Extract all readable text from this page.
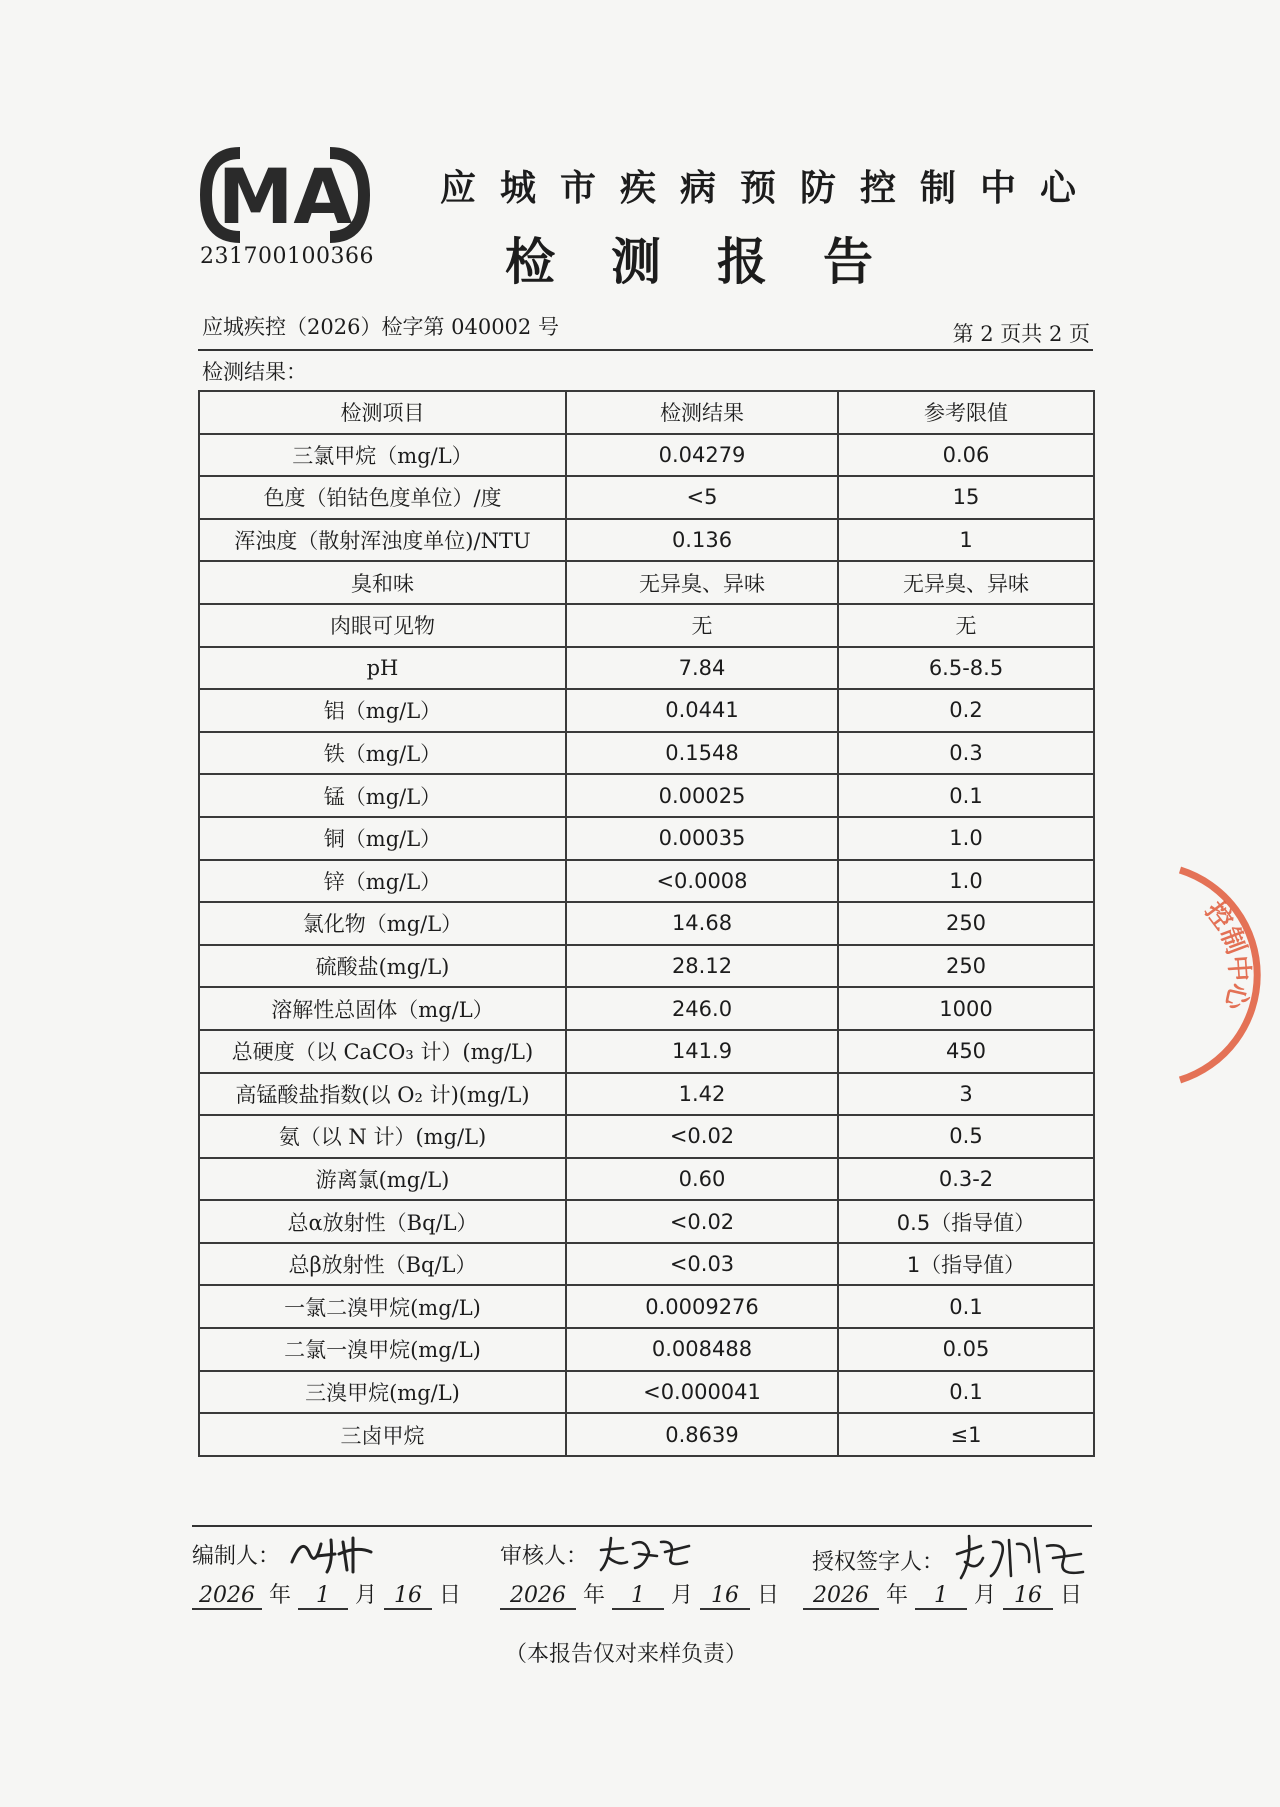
MA
231700100366
应城市疾病预防控制中心
检测报告
应城疾控（2026）检字第 040002 号	第 2 页共 2 页
检测结果：
检测项目	检测结果	参考限值
三氯甲烷（mg/L）	0.04279	0.06
色度（铂钴色度单位）/度	<5	15
浑浊度（散射浑浊度单位)/NTU	0.136	1
臭和味	无异臭、异味	无异臭、异味
肉眼可见物	无	无
pH	7.84	6.5-8.5
铝（mg/L）	0.0441	0.2
铁（mg/L）	0.1548	0.3
锰（mg/L）	0.00025	0.1
铜（mg/L）	0.00035	1.0
锌（mg/L）	<0.0008	1.0
氯化物（mg/L）	14.68	250
硫酸盐(mg/L)	28.12	250
溶解性总固体（mg/L）	246.0	1000
总硬度（以 CaCO₃ 计）(mg/L)	141.9	450
高锰酸盐指数(以 O₂ 计)(mg/L)	1.42	3
氨（以 N 计）(mg/L)	<0.02	0.5
游离氯(mg/L)	0.60	0.3-2
总α放射性（Bq/L）	<0.02	0.5（指导值）
总β放射性（Bq/L）	<0.03	1（指导值）
一氯二溴甲烷(mg/L)	0.0009276	0.1
二氯一溴甲烷(mg/L)	0.008488	0.05
三溴甲烷(mg/L)	<0.000041	0.1
三卤甲烷	0.8639	≤1
编制人：	审核人：	授权签字人：
2026 年 1 月 16 日	2026 年 1 月 16 日	2026 年 1 月 16 日
（本报告仅对来样负责）
控制中心
